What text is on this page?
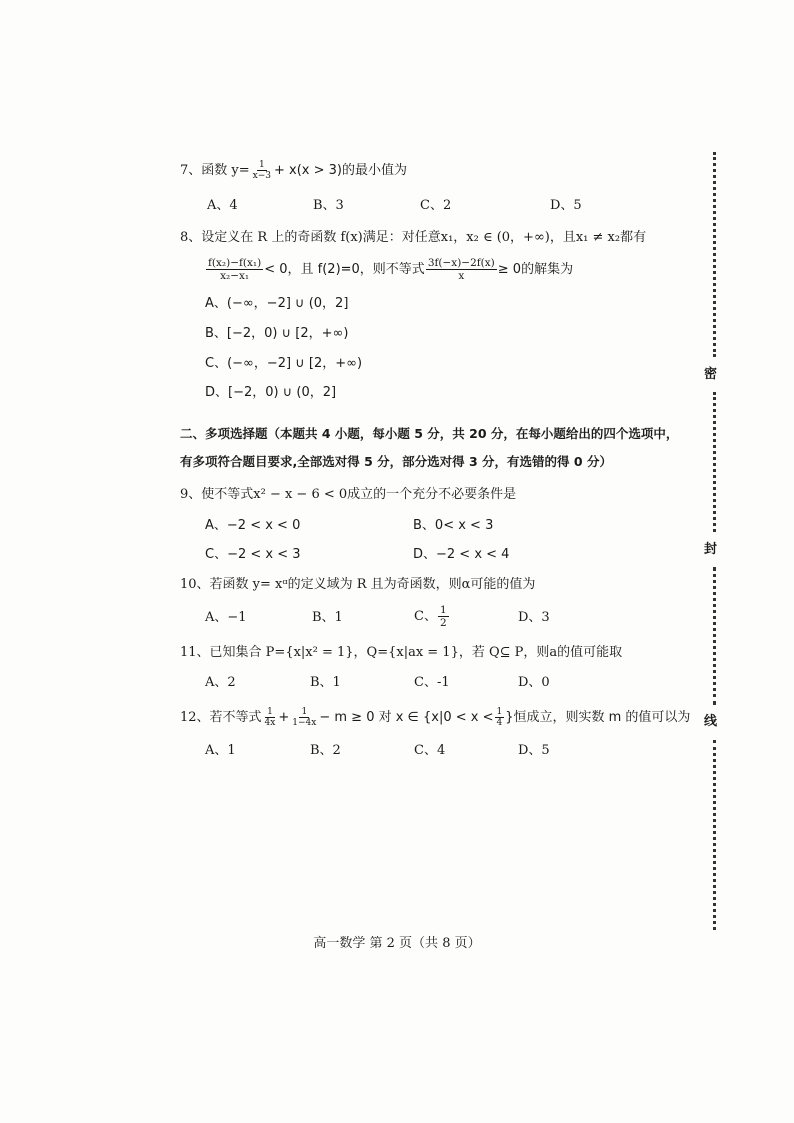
7、函数 $y= \frac{1}{x-3} + x(x > 3)$的最小值为
A、4	B、3	C、2	D、5
8、设定义在 R 上的奇函数 f(x)满足：对任意x₁，x₂ ∈ (0，+∞)，且x₁ ≠ x₂都有
$\frac{\text{f(x₂)−f(x₁)}}{\text{x₂−x₁}} < 0$，且 f(2)=0，则不等式 $\frac{3f(-x)-2f(x)}{x} \ge 0$的解集为
A、(−∞，−2] ∪ (0，2]
B、[−2，0) ∪ [2，+∞)
C、(−∞，−2] ∪ [2，+∞)
D、[−2，0) ∪ (0，2]
二、多项选择题（本题共 4 小题，每小题 5 分，共 20 分，在每小题给出的四个选项中，
有多项符合题目要求,全部选对得 5 分，部分选对得 3 分，有选错的得 0 分）
9、使不等式x² − x − 6 < 0成立的一个充分不必要条件是
A、−2 < x < 0	B、0< x < 3
C、−2 < x < 3	D、−2 < x < 4
10、若函数 y= xᵅ的定义域为 R 且为奇函数，则α可能的值为
A、−1	B、1	C、 $\frac{1}{2}$	D、3
11、已知集合 P={x|x² = 1}，Q={x|ax = 1}，若 Q⊆ P，则a的值可能取
A、2	B、1	C、-1	D、0
12、若不等式 $\frac{1}{4x} + \frac{1}{1-4x} - m \ge 0$ 对 x ∈ {$x|0 < x < \frac{1}{4}$ }恒成立，则实数 m 的值可以为
A、1	B、2	C、4	D、5
密
封
线
高一数学 第 2 页（共 8 页）
